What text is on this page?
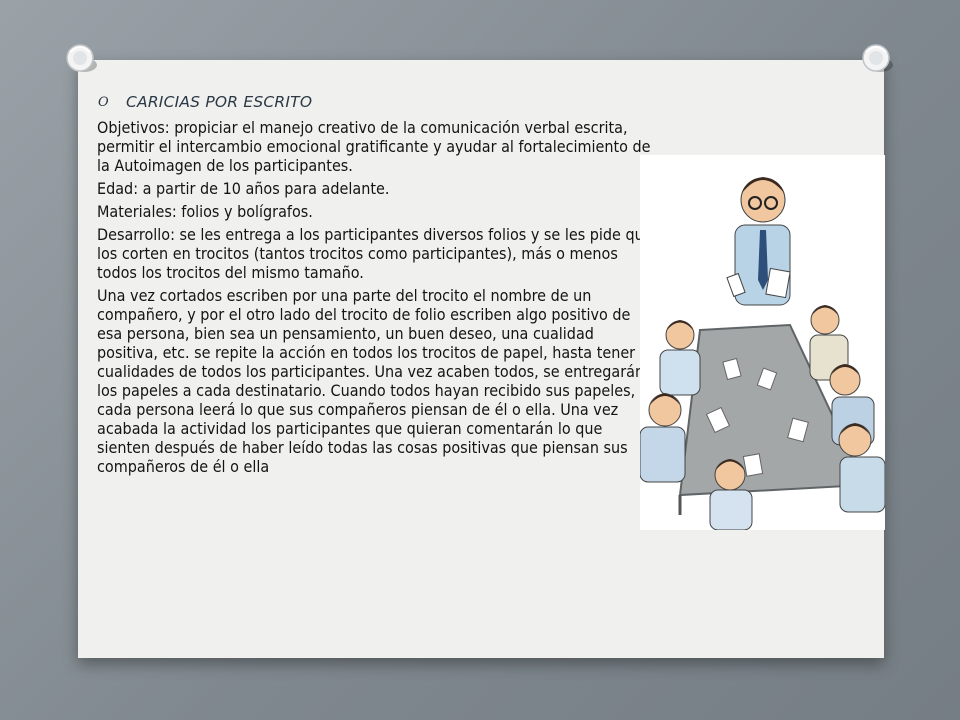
O	CARICIAS POR ESCRITO

Objetivos: propiciar el manejo creativo de la comunicación verbal escrita, permitir el intercambio emocional gratificante y ayudar al fortalecimiento de la Autoimagen de los participantes.

Edad: a partir de 10 años para adelante.

Materiales: folios y bolígrafos.

Desarrollo: se les entrega a los participantes diversos folios y se les pide que los corten en trocitos (tantos trocitos como participantes), más o menos todos los trocitos del mismo tamaño.

Una vez cortados escriben por una parte del trocito el nombre de un compañero, y por el otro lado del trocito de folio escriben algo positivo de esa persona, bien sea un pensamiento, un buen deseo, una cualidad positiva, etc. se repite la acción en todos los trocitos de papel, hasta tener cualidades de todos los participantes. Una vez acaben todos, se entregarán los papeles a cada destinatario. Cuando todos hayan recibido sus papeles, cada persona leerá lo que sus compañeros piensan de él o ella. Una vez acabada la actividad los participantes que quieran comentarán lo que sienten después de haber leído todas las cosas positivas que piensan sus compañeros de él o ella
